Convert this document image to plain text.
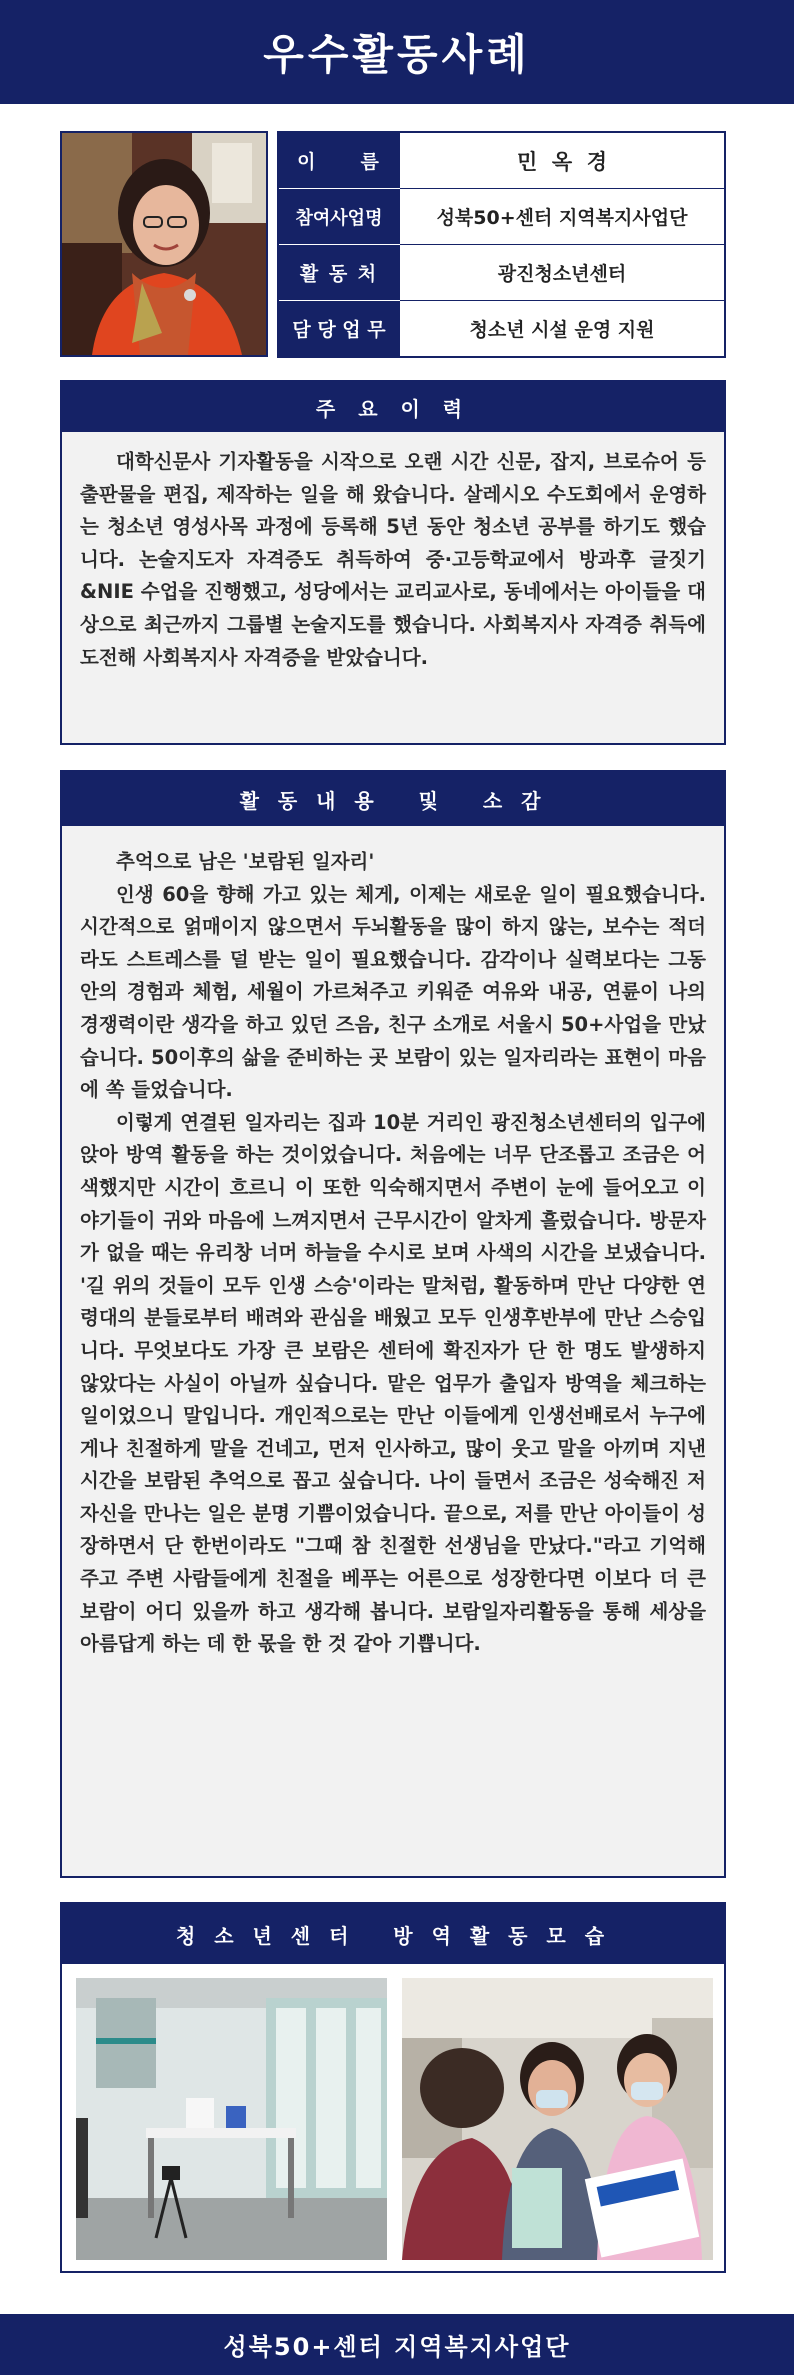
우수활동사례
이     름	민  옥  경
참여사업명	성북50+센터 지역복지사업단
활 동 처	광진청소년센터
담 당 업 무	청소년 시설 운영 지원
주 요 이 력

대학신문사 기자활동을 시작으로 오랜 시간 신문, 잡지, 브로슈어 등 출판물을 편집, 제작하는 일을 해 왔습니다. 살레시오 수도회에서 운영하는 청소년 영성사목 과정에 등록해 5년 동안 청소년 공부를 하기도 했습니다. 논술지도자 자격증도 취득하여 중·고등학교에서 방과후 글짓기&NIE 수업을 진행했고, 성당에서는 교리교사로, 동네에서는 아이들을 대상으로 최근까지 그룹별 논술지도를 했습니다. 사회복지사 자격증 취득에 도전해 사회복지사 자격증을 받았습니다.

활 동 내 용   및   소 감

추억으로 남은 '보람된 일자리'

인생 60을 향해 가고 있는 체게, 이제는 새로운 일이 필요했습니다. 시간적으로 얽매이지 않으면서 두뇌활동을 많이 하지 않는, 보수는 적더라도 스트레스를 덜 받는 일이 필요했습니다. 감각이나 실력보다는 그동안의 경험과 체험, 세월이 가르쳐주고 키워준 여유와 내공, 연륜이 나의 경쟁력이란 생각을 하고 있던 즈음, 친구 소개로 서울시 50+사업을 만났습니다. 50이후의 삶을 준비하는 곳 보람이 있는 일자리라는 표현이 마음에 쏙 들었습니다.

이렇게 연결된 일자리는 집과 10분 거리인 광진청소년센터의 입구에 앉아 방역 활동을 하는 것이었습니다. 처음에는 너무 단조롭고 조금은 어색했지만 시간이 흐르니 이 또한 익숙해지면서 주변이 눈에 들어오고 이야기들이 귀와 마음에 느껴지면서 근무시간이 알차게 흘렀습니다. 방문자가 없을 때는 유리창 너머 하늘을 수시로 보며 사색의 시간을 보냈습니다. '길 위의 것들이 모두 인생 스승'이라는 말처럼, 활동하며 만난 다양한 연령대의 분들로부터 배려와 관심을 배웠고 모두 인생후반부에 만난 스승입니다. 무엇보다도 가장 큰 보람은 센터에 확진자가 단 한 명도 발생하지 않았다는 사실이 아닐까 싶습니다. 맡은 업무가 출입자 방역을 체크하는 일이었으니 말입니다. 개인적으로는 만난 이들에게 인생선배로서 누구에게나 친절하게 말을 건네고, 먼저 인사하고, 많이 웃고 말을 아끼며 지낸 시간을 보람된 추억으로 꼽고 싶습니다. 나이 들면서 조금은 성숙해진 저 자신을 만나는 일은 분명 기쁨이었습니다. 끝으로, 저를 만난 아이들이 성장하면서 단 한번이라도 "그때 참 친절한 선생님을 만났다."라고 기억해주고 주변 사람들에게 친절을 베푸는 어른으로 성장한다면 이보다 더 큰 보람이 어디 있을까 하고 생각해 봅니다. 보람일자리활동을 통해 세상을 아름답게 하는 데 한 몫을 한 것 같아 기쁩니다.

청 소 년 센 터   방 역 활 동 모 습
성북50+센터 지역복지사업단
